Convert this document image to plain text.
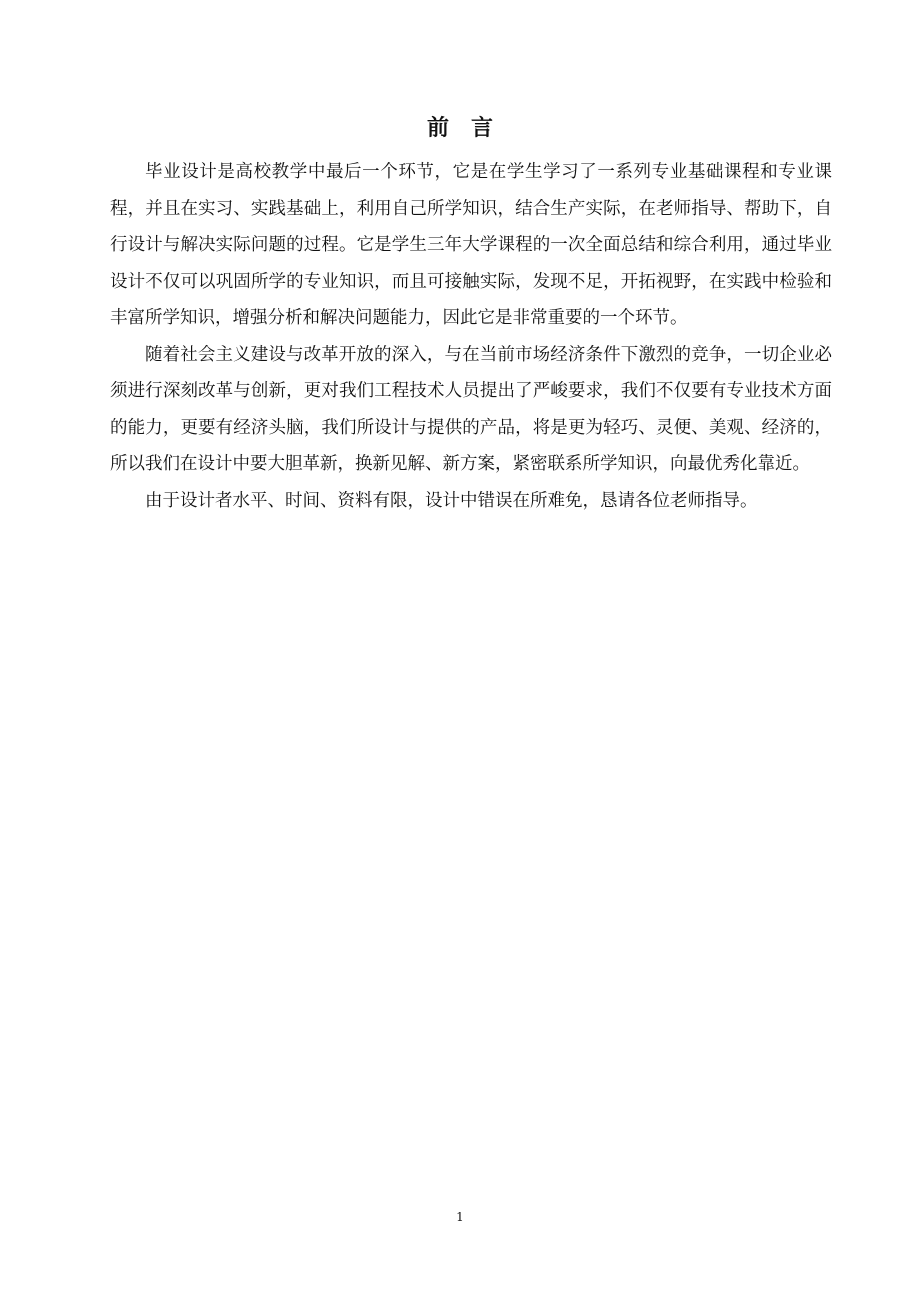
前言

毕业设计是高校教学中最后一个环节，它是在学生学习了一系列专业基础课程和专业课程，并且在实习、实践基础上，利用自己所学知识，结合生产实际，在老师指导、帮助下，自行设计与解决实际问题的过程。它是学生三年大学课程的一次全面总结和综合利用，通过毕业设计不仅可以巩固所学的专业知识，而且可接触实际，发现不足，开拓视野，在实践中检验和丰富所学知识，增强分析和解决问题能力，因此它是非常重要的一个环节。

随着社会主义建设与改革开放的深入，与在当前市场经济条件下激烈的竞争，一切企业必须进行深刻改革与创新，更对我们工程技术人员提出了严峻要求，我们不仅要有专业技术方面的能力，更要有经济头脑，我们所设计与提供的产品，将是更为轻巧、灵便、美观、经济的，所以我们在设计中要大胆革新，换新见解、新方案，紧密联系所学知识，向最优秀化靠近。

由于设计者水平、时间、资料有限，设计中错误在所难免，恳请各位老师指导。

1
